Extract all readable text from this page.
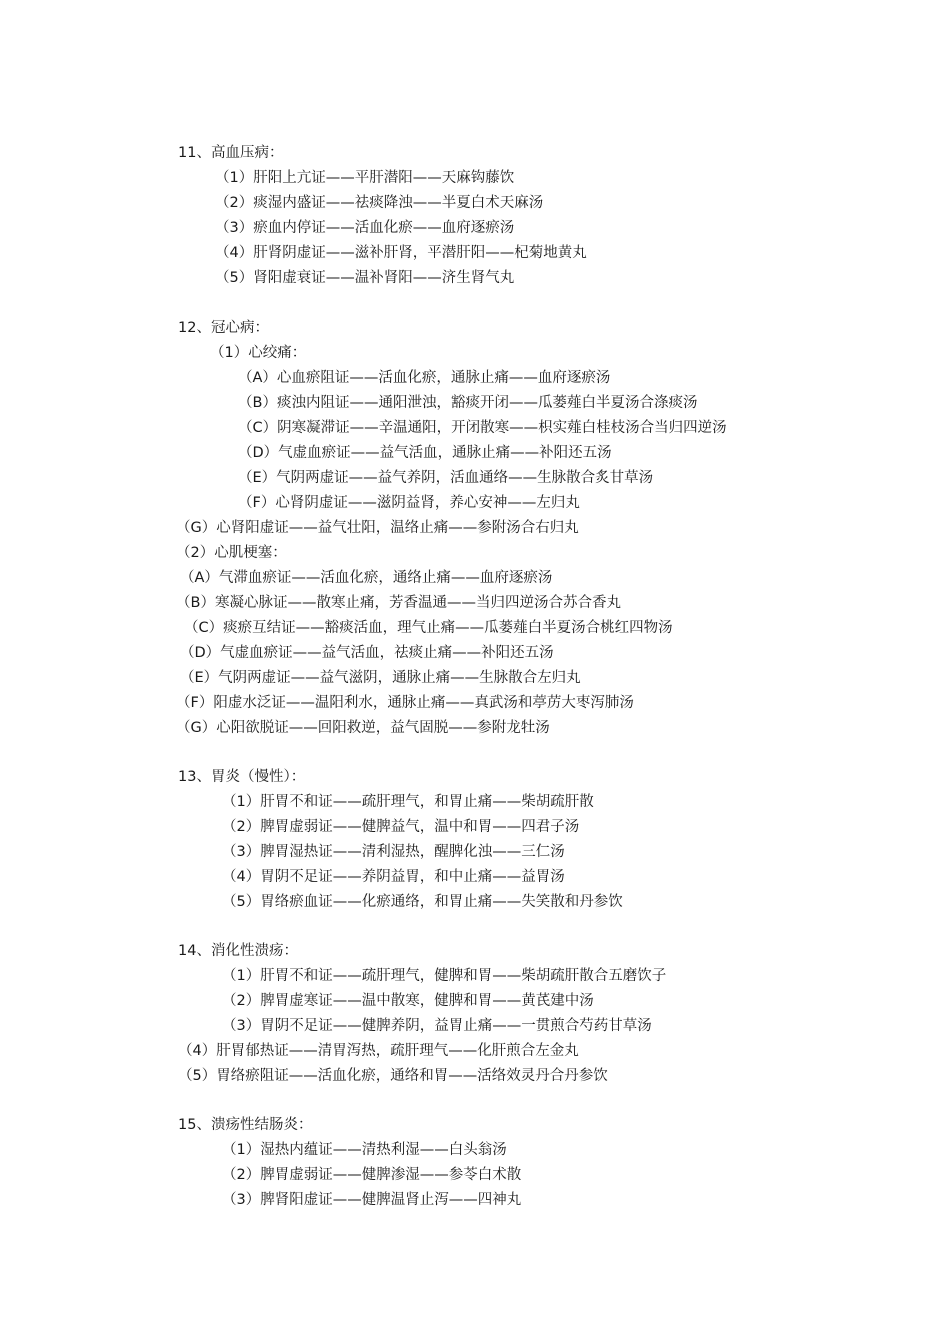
11、高血压病：
（1）肝阳上亢证——平肝潜阳——天麻钩藤饮
（2）痰湿内盛证——祛痰降浊——半夏白术天麻汤
（3）瘀血内停证——活血化瘀——血府逐瘀汤
（4）肝肾阴虚证——滋补肝肾，平潜肝阳——杞菊地黄丸
（5）肾阳虚衰证——温补肾阳——济生肾气丸
12、冠心病：
（1）心绞痛：
（A）心血瘀阻证——活血化瘀，通脉止痛——血府逐瘀汤
（B）痰浊内阻证——通阳泄浊，豁痰开闭——瓜蒌薤白半夏汤合涤痰汤
（C）阴寒凝滞证——辛温通阳，开闭散寒——枳实薤白桂枝汤合当归四逆汤
（D）气虚血瘀证——益气活血，通脉止痛——补阳还五汤
（E）气阴两虚证——益气养阴，活血通络——生脉散合炙甘草汤
（F）心肾阴虚证——滋阴益肾，养心安神——左归丸
（G）心肾阳虚证——益气壮阳，温络止痛——参附汤合右归丸
（2）心肌梗塞：
（A）气滞血瘀证——活血化瘀，通络止痛——血府逐瘀汤
（B）寒凝心脉证——散寒止痛，芳香温通——当归四逆汤合苏合香丸
（C）痰瘀互结证——豁痰活血，理气止痛——瓜蒌薤白半夏汤合桃红四物汤
（D）气虚血瘀证——益气活血，祛痰止痛——补阳还五汤
（E）气阴两虚证——益气滋阴，通脉止痛——生脉散合左归丸
（F）阳虚水泛证——温阳利水，通脉止痛——真武汤和葶苈大枣泻肺汤
（G）心阳欲脱证——回阳救逆，益气固脱——参附龙牡汤
13、胃炎（慢性）：
（1）肝胃不和证——疏肝理气，和胃止痛——柴胡疏肝散
（2）脾胃虚弱证——健脾益气，温中和胃——四君子汤
（3）脾胃湿热证——清利湿热，醒脾化浊——三仁汤
（4）胃阴不足证——养阴益胃，和中止痛——益胃汤
（5）胃络瘀血证——化瘀通络，和胃止痛——失笑散和丹参饮
14、消化性溃疡：
（1）肝胃不和证——疏肝理气，健脾和胃——柴胡疏肝散合五磨饮子
（2）脾胃虚寒证——温中散寒，健脾和胃——黄芪建中汤
（3）胃阴不足证——健脾养阴，益胃止痛——一贯煎合芍药甘草汤
（4）肝胃郁热证——清胃泻热，疏肝理气——化肝煎合左金丸
（5）胃络瘀阻证——活血化瘀，通络和胃——活络效灵丹合丹参饮
15、溃疡性结肠炎：
（1）湿热内蕴证——清热利湿——白头翁汤
（2）脾胃虚弱证——健脾渗湿——参苓白术散
（3）脾肾阳虚证——健脾温肾止泻——四神丸
